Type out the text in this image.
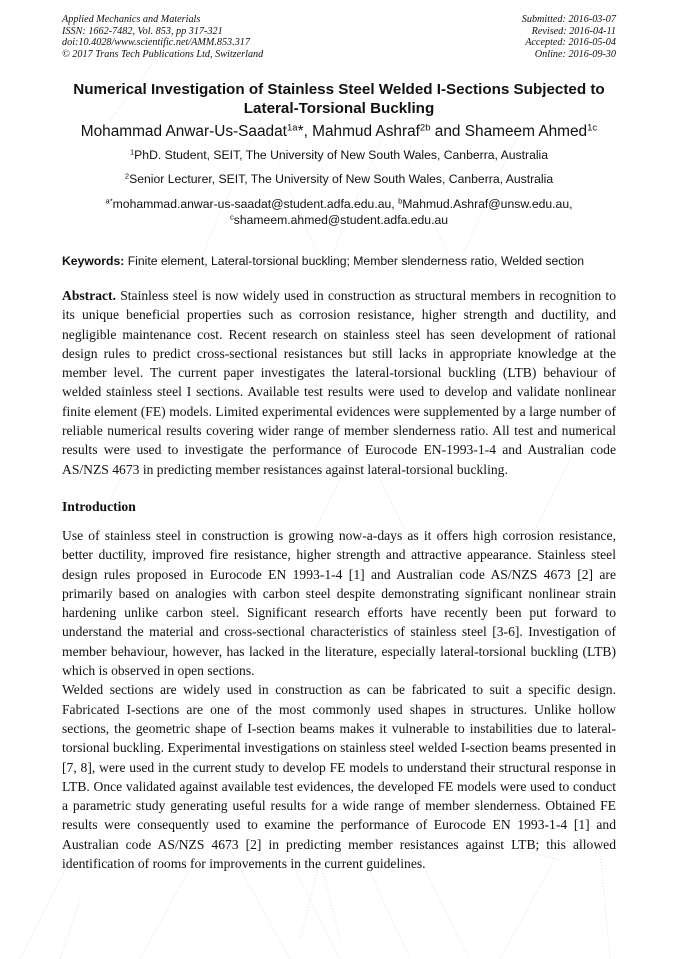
Applied Mechanics and Materials
ISSN: 1662-7482, Vol. 853, pp 317-321
doi:10.4028/www.scientific.net/AMM.853.317
© 2017 Trans Tech Publications Ltd, Switzerland
Submitted: 2016-03-07
Revised: 2016-04-11
Accepted: 2016-05-04
Online: 2016-09-30
Numerical Investigation of Stainless Steel Welded I-Sections Subjected to Lateral-Torsional Buckling
Mohammad Anwar-Us-Saadat$^{1a}$*, Mahmud Ashraf$^{2b}$ and Shameem Ahmed$^{1c}$
$^1$PhD. Student, SEIT, The University of New South Wales, Canberra, Australia
$^2$Senior Lecturer, SEIT, The University of New South Wales, Canberra, Australia
$^{a*}$mohammad.anwar-us-saadat@student.adfa.edu.au, $^b$Mahmud.Ashraf@unsw.edu.au,
$^c$shameem.ahmed@student.adfa.edu.au
Keywords: Finite element, Lateral-torsional buckling; Member slenderness ratio, Welded section

Abstract. Stainless steel is now widely used in construction as structural members in recognition to its unique beneficial properties such as corrosion resistance, higher strength and ductility, and negligible maintenance cost. Recent research on stainless steel has seen development of rational design rules to predict cross-sectional resistances but still lacks in appropriate knowledge at the member level. The current paper investigates the lateral-torsional buckling (LTB) behaviour of welded stainless steel I sections. Available test results were used to develop and validate nonlinear finite element (FE) models. Limited experimental evidences were supplemented by a large number of reliable numerical results covering wider range of member slenderness ratio. All test and numerical results were used to investigate the performance of Eurocode EN-1993-1-4 and Australian code AS/NZS 4673 in predicting member resistances against lateral-torsional buckling.

Introduction

Use of stainless steel in construction is growing now-a-days as it offers high corrosion resistance, better ductility, improved fire resistance, higher strength and attractive appearance. Stainless steel design rules proposed in Eurocode EN 1993-1-4 [1] and Australian code AS/NZS 4673 [2] are primarily based on analogies with carbon steel despite demonstrating significant nonlinear strain hardening unlike carbon steel. Significant research efforts have recently been put forward to understand the material and cross-sectional characteristics of stainless steel [3-6]. Investigation of member behaviour, however, has lacked in the literature, especially lateral-torsional buckling (LTB) which is observed in open sections.

Welded sections are widely used in construction as can be fabricated to suit a specific design. Fabricated I-sections are one of the most commonly used shapes in structures. Unlike hollow sections, the geometric shape of I-section beams makes it vulnerable to instabilities due to lateral-torsional buckling. Experimental investigations on stainless steel welded I-section beams presented in [7, 8], were used in the current study to develop FE models to understand their structural response in LTB. Once validated against available test evidences, the developed FE models were used to conduct a parametric study generating useful results for a wide range of member slenderness. Obtained FE results were consequently used to examine the performance of Eurocode EN 1993-1-4 [1] and Australian code AS/NZS 4673 [2] in predicting member resistances against LTB; this allowed identification of rooms for improvements in the current guidelines.
